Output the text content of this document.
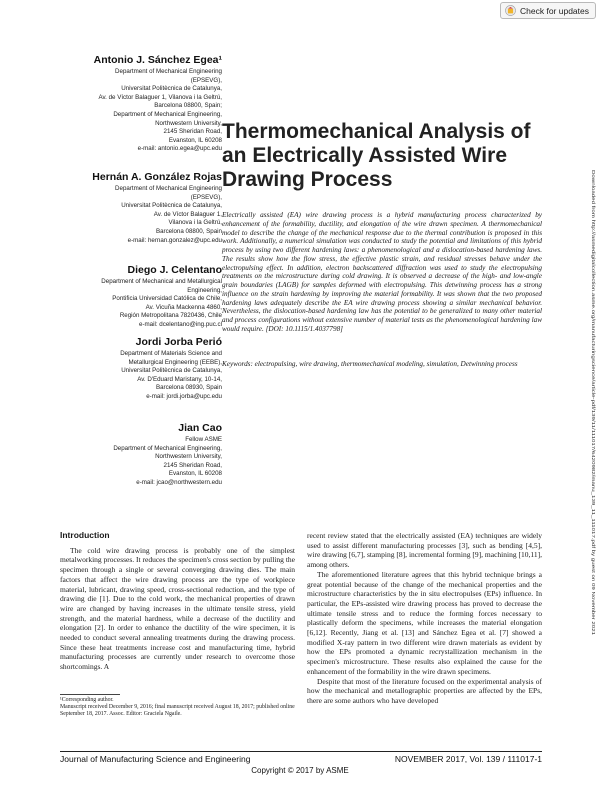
Check for updates
Antonio J. Sánchez Egea¹
Department of Mechanical Engineering
(EPSEVG),
Universitat Politècnica de Catalunya,
Av. de Víctor Balaguer 1, Vilanova i la Geltrú,
Barcelona 08800, Spain;
Department of Mechanical Engineering,
Northwestern University,
2145 Sheridan Road,
Evanston, IL 60208
e-mail: antonio.egea@upc.edu
Hernán A. González Rojas
Department of Mechanical Engineering
(EPSEVG),
Universitat Politècnica de Catalunya,
Av. de Víctor Balaguer 1,
Vilanova i la Geltrú,
Barcelona 08800, Spain
e-mail: hernan.gonzalez@upc.edu
Diego J. Celentano
Department of Mechanical and Metallurgical
Engineering,
Pontificia Universidad Católica de Chile,
Av. Vicuña Mackenna 4860,
Región Metropolitana 7820436, Chile
e-mail: dcelentano@ing.puc.cl
Jordi Jorba Perió
Department of Materials Science and
Metallurgical Engineering (EEBE),
Universitat Politècnica de Catalunya,
Av. D'Eduard Maristany, 10-14,
Barcelona 08930, Spain
e-mail: jordi.jorba@upc.edu
Jian Cao
Fellow ASME
Department of Mechanical Engineering,
Northwestern University,
2145 Sheridan Road,
Evanston, IL 60208
e-mail: jcao@northwestern.edu
Thermomechanical Analysis of
an Electrically Assisted Wire
Drawing Process
Electrically assisted (EA) wire drawing process is a hybrid manufacturing process characterized by enhancement of the formability, ductility, and elongation of the wire drawn specimen. A thermomechanical model to describe the change of the mechanical response due to the thermal contribution is proposed in this work. Additionally, a numerical simulation was conducted to study the potential and limitations of this hybrid process by using two different hardening laws: a phenomenological and a dislocation-based hardening laws. The results show how the flow stress, the effective plastic strain, and residual stresses behave under the electropulsing effect. In addition, electron backscattered diffraction was used to study the electropulsing treatments on the microstructure during cold drawing. It is observed a decrease of the high- and low-angle grain boundaries (LAGB) for samples deformed with electropulsing. This detwinning process has a strong influence on the strain hardening by improving the material formability. It was shown that the two proposed hardening laws adequately describe the EA wire drawing process showing a similar mechanical behavior. Nevertheless, the dislocation-based hardening law has the potential to be generalized to many other material and process configurations without extensive number of material tests as the phenomenological hardening law would require. [DOI: 10.1115/1.4037798]
Keywords: electropulsing, wire drawing, thermomechanical modeling, simulation, Detwinning process
Introduction

The cold wire drawing process is probably one of the simplest metalworking processes. It reduces the specimen's cross section by pulling the specimen through a single or several converging drawing dies. The main factors that affect the wire drawing process are the type of workpiece material, lubricant, drawing speed, cross-sectional reduction, and the type of drawing die [1]. Due to the cold work, the mechanical properties of drawn wire are changed by having increases in the ultimate tensile stress, yield strength, and the material hardness, while a decrease of the ductility and elongation [2]. In order to enhance the ductility of the wire specimen, it is needed to conduct several annealing treatments during the drawing process. Since these heat treatments increase cost and manufacturing time, hybrid manufacturing processes are currently under research to overcome those shortcomings. A

¹Corresponding author.

Manuscript received December 9, 2016; final manuscript received August 18, 2017; published online September 18, 2017. Assoc. Editor: Graciela Ngaile.

recent review stated that the electrically assisted (EA) techniques are widely used to assist different manufacturing processes [3], such as bending [4,5], wire drawing [6,7], stamping [8], incremental forming [9], machining [10,11], among others.

The aforementioned literature agrees that this hybrid technique brings a great potential because of the change of the mechanical properties and the microstructure characteristics by the in situ electropulses (EPs) influence. In particular, the EPs-assisted wire drawing process has proved to decrease the ultimate tensile stress and to reduce the forming forces necessary to plastically deform the specimens, while increases the material elongation [6,12]. Recently, Jiang et al. [13] and Sánchez Egea et al. [7] showed a modified X-ray pattern in two different wire drawn materials as evident by how the EPs promoted a dynamic recrystallization mechanism in the specimen's microstructure. These results also explained the cause for the enhancement of the formability in the wire drawn specimens.

Despite that most of the literature focused on the experimental analysis of how the mechanical and metallographic properties are affected by the EPs, there are some authors who have developed

Downloaded from http://asmedigitalcollection.asme.org/manufacturingscience/article-pdf/139/11/111017/6420982/manu_139_11_111017.pdf by guest on 09 November 2021
Journal of Manufacturing Science and Engineering	NOVEMBER 2017, Vol. 139 / 111017-1
Copyright © 2017 by ASME
